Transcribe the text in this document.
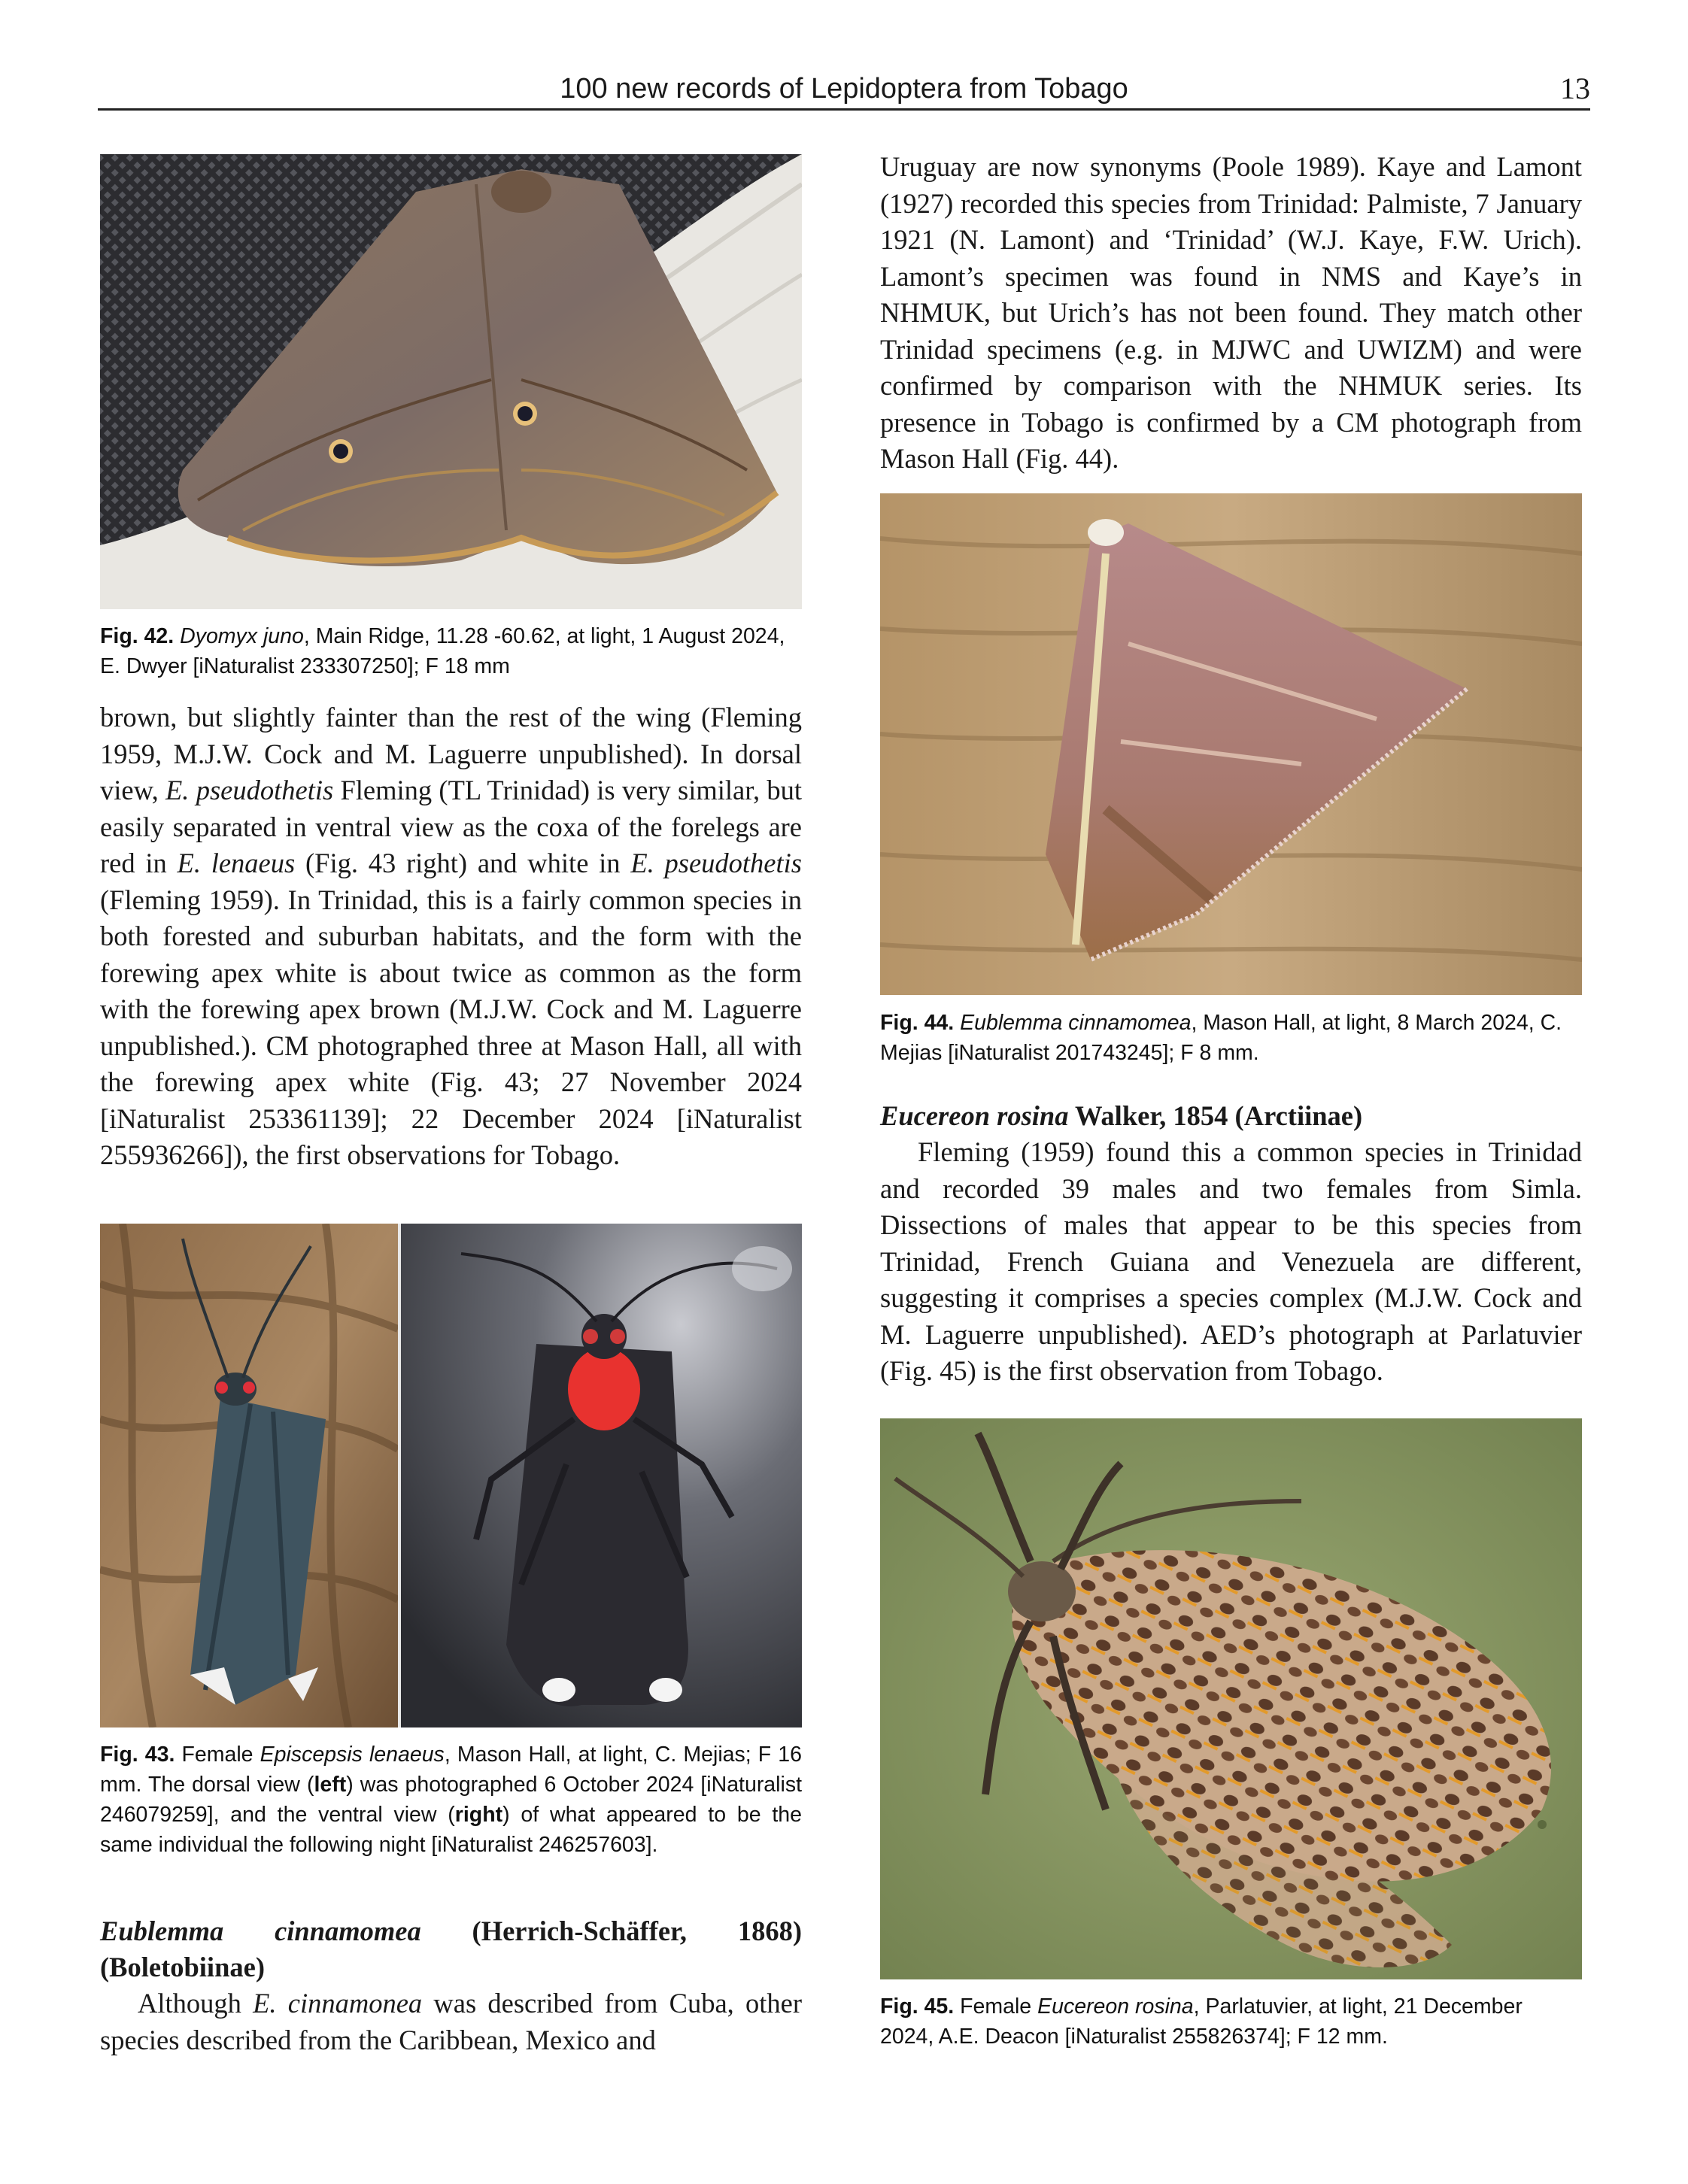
100 new records of Lepidoptera from Tobago	13
Fig. 42. Dyomyx juno, Main Ridge, 11.28 -60.62, at light, 1 August 2024, E. Dwyer [iNaturalist 233307250]; F 18 mm
brown, but slightly fainter than the rest of the wing (Fleming 1959, M.J.W. Cock and M. Laguerre unpublished). In dorsal view, E. pseudothetis Fleming (TL Trinidad) is very similar, but easily separated in ventral view as the coxa of the forelegs are red in E. lenaeus (Fig. 43 right) and white in E. pseudothetis (Fleming 1959). In Trinidad, this is a fairly common species in both forested and suburban habitats, and the form with the forewing apex white is about twice as common as the form with the forewing apex brown (M.J.W. Cock and M. Laguerre unpublished.). CM photographed three at Mason Hall, all with the forewing apex white (Fig. 43; 27 November 2024 [iNaturalist 253361139]; 22 December 2024 [iNaturalist 255936266]), the first observations for Tobago.
Fig. 43. Female Episcepsis lenaeus, Mason Hall, at light, C. Mejias; F 16 mm. The dorsal view (left) was photographed 6 October 2024 [iNaturalist 246079259], and the ventral view (right) of what appeared to be the same individual the following night [iNaturalist 246257603].
Eublemma cinnamomea (Herrich-Schäffer, 1868) (Boletobiinae)
Although E. cinnamonea was described from Cuba, other species described from the Caribbean, Mexico and
Uruguay are now synonyms (Poole 1989). Kaye and Lamont (1927) recorded this species from Trinidad: Palmiste, 7 January 1921 (N. Lamont) and ‘Trinidad’ (W.J. Kaye, F.W. Urich). Lamont’s specimen was found in NMS and Kaye’s in NHMUK, but Urich’s has not been found. They match other Trinidad specimens (e.g. in MJWC and UWIZM) and were confirmed by comparison with the NHMUK series. Its presence in Tobago is confirmed by a CM photograph from Mason Hall (Fig. 44).
Fig. 44. Eublemma cinnamomea, Mason Hall, at light, 8 March 2024, C. Mejias [iNaturalist 201743245]; F 8 mm.
Eucereon rosina Walker, 1854 (Arctiinae)
Fleming (1959) found this a common species in Trinidad and recorded 39 males and two females from Simla. Dissections of males that appear to be this species from Trinidad, French Guiana and Venezuela are different, suggesting it comprises a species complex (M.J.W. Cock and M. Laguerre unpublished). AED’s photograph at Parlatuvier (Fig. 45) is the first observation from Tobago.
Fig. 45. Female Eucereon rosina, Parlatuvier, at light, 21 December 2024, A.E. Deacon [iNaturalist 255826374]; F 12 mm.
